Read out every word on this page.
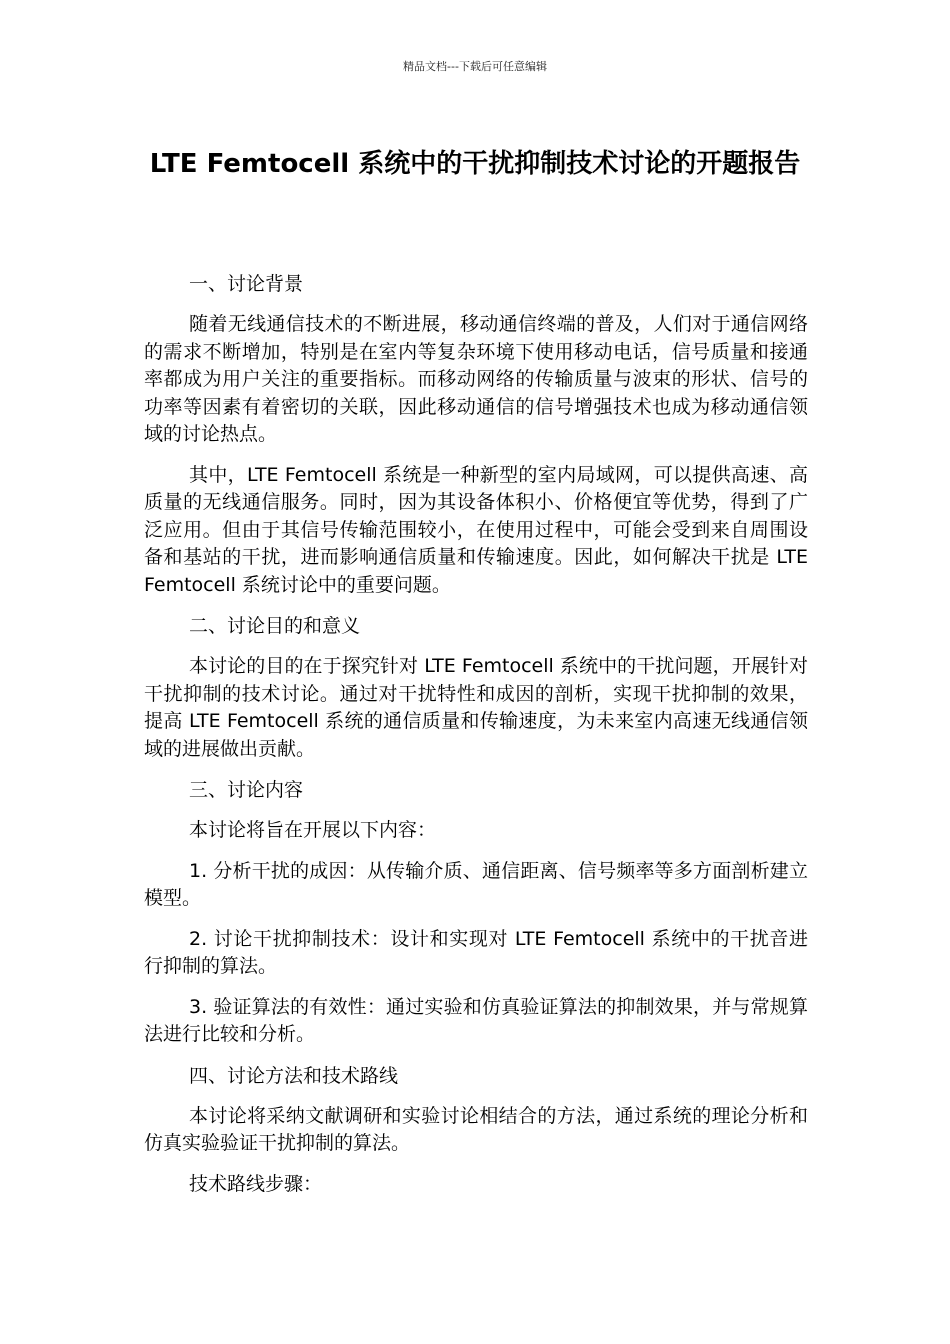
精品文档---下载后可任意编辑
LTE Femtocell 系统中的干扰抑制技术讨论的开题报告

一、讨论背景

随着无线通信技术的不断进展，移动通信终端的普及，人们对于通信网络的需求不断增加，特别是在室内等复杂环境下使用移动电话，信号质量和接通率都成为用户关注的重要指标。而移动网络的传输质量与波束的形状、信号的功率等因素有着密切的关联，因此移动通信的信号增强技术也成为移动通信领域的讨论热点。

其中，LTE Femtocell 系统是一种新型的室内局域网，可以提供高速、高质量的无线通信服务。同时，因为其设备体积小、价格便宜等优势，得到了广泛应用。但由于其信号传输范围较小，在使用过程中，可能会受到来自周围设备和基站的干扰，进而影响通信质量和传输速度。因此，如何解决干扰是 LTE Femtocell 系统讨论中的重要问题。

二、讨论目的和意义

本讨论的目的在于探究针对 LTE Femtocell 系统中的干扰问题，开展针对干扰抑制的技术讨论。通过对干扰特性和成因的剖析，实现干扰抑制的效果，提高 LTE Femtocell 系统的通信质量和传输速度，为未来室内高速无线通信领域的进展做出贡献。

三、讨论内容

本讨论将旨在开展以下内容：

1. 分析干扰的成因：从传输介质、通信距离、信号频率等多方面剖析建立模型。

2. 讨论干扰抑制技术：设计和实现对 LTE Femtocell 系统中的干扰音进行抑制的算法。

3. 验证算法的有效性：通过实验和仿真验证算法的抑制效果，并与常规算法进行比较和分析。

四、讨论方法和技术路线

本讨论将采纳文献调研和实验讨论相结合的方法，通过系统的理论分析和仿真实验验证干扰抑制的算法。

技术路线步骤：
